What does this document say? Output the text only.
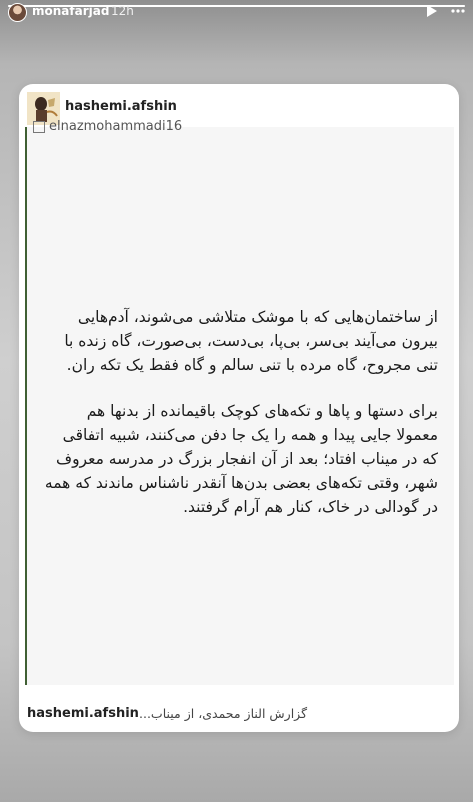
monafarjad 12h
hashemi.afshin
elnazmohammadi16

از ساختمان‌هایی که با موشک متلاشی می‌شوند، آدم‌هایی بیرون می‌آیند بی‌سر، بی‌پا، بی‌دست، بی‌صورت، گاه زنده با تنی مجروح، گاه مرده با تنی سالم و گاه فقط یک تکه ران.

برای دستها و پاها و تکه‌های کوچک باقیمانده از بدنها هم معمولا جایی پیدا و همه را یک جا دفن می‌کنند، شبیه اتفاقی که در میناب افتاد؛ بعد از آن انفجار بزرگ در مدرسه معروف شهر، وقتی تکه‌های بعضی بدن‌ها آنقدر ناشناس ماندند که همه در گودالی در خاک، کنار هم آرام گرفتند.

hashemi.afshin گزارش الناز محمدی، از میناب...
